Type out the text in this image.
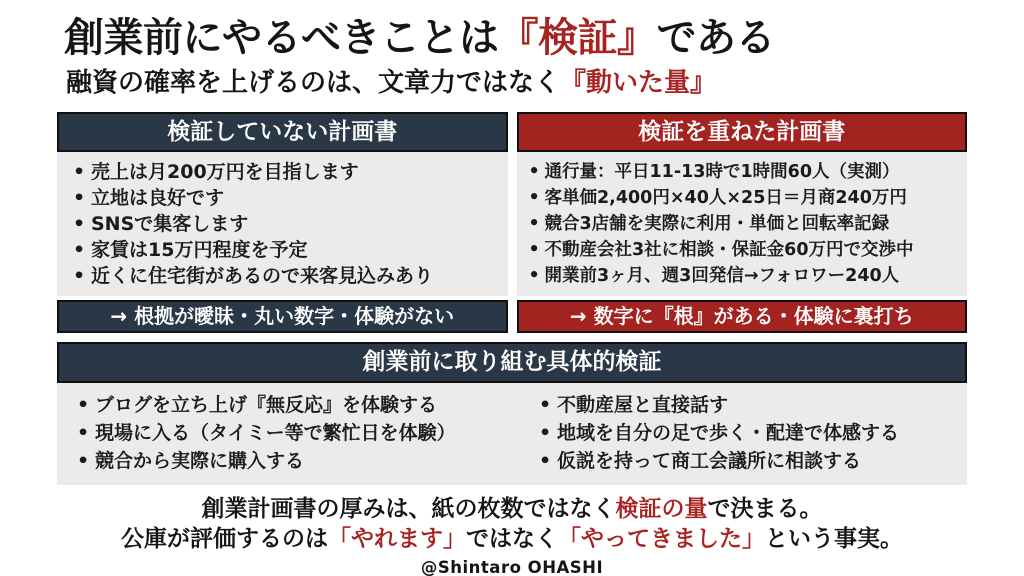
創業前にやるべきことは『検証』である
融資の確率を上げるのは、文章力ではなく『動いた量』
検証していない計画書
• 売上は月200万円を目指します
• 立地は良好です
• SNSで集客します
• 家賃は15万円程度を予定
• 近くに住宅街があるので来客見込みあり
→ 根拠が曖昧・丸い数字・体験がない
検証を重ねた計画書
• 通行量：平日11-13時で1時間60人（実測）
• 客単価2,400円×40人×25日＝月商240万円
• 競合3店舗を実際に利用・単価と回転率記録
• 不動産会社3社に相談・保証金60万円で交渉中
• 開業前3ヶ月、週3回発信→フォロワー240人
→ 数字に『根』がある・体験に裏打ち
創業前に取り組む具体的検証
• ブログを立ち上げ『無反応』を体験する
• 現場に入る（タイミー等で繁忙日を体験）
• 競合から実際に購入する
• 不動産屋と直接話す
• 地域を自分の足で歩く・配達で体感する
• 仮説を持って商工会議所に相談する

創業計画書の厚みは、紙の枚数ではなく検証の量で決まる。

公庫が評価するのは「やれます」ではなく「やってきました」という事実。

@Shintaro OHASHI
